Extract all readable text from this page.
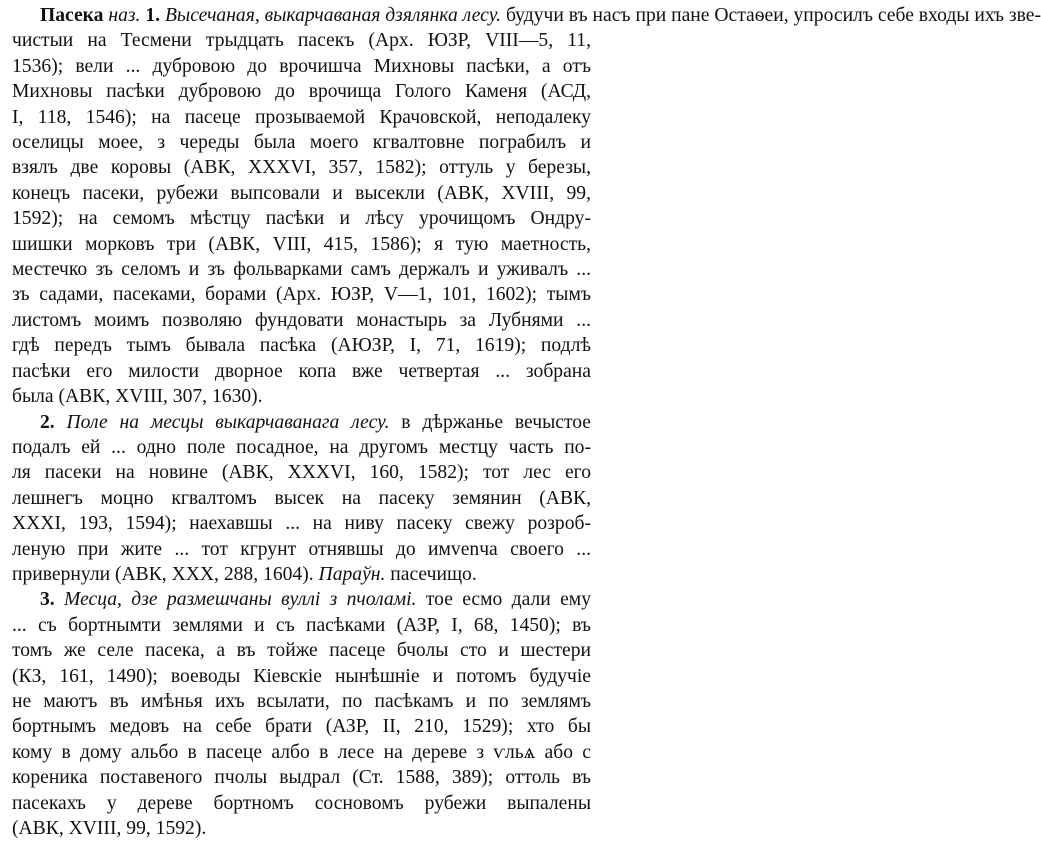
Пасека наз. 1. Высечаная, выкарчаваная дзялянка лесу. будучи въ насъ при пане Остаѳеи, упросилъ себе входы ихъ зве-
чистыи на Тесмени трыдцать пасекъ (Арх. ЮЗР, VIII—5, 11,
1536); вели ... дубровою до врочишча Михновы пасѣки, а отъ
Михновы пасѣки дубровою до врочища Голого Каменя (АСД,
I, 118, 1546); на пасеце прозываемой Крачовской, неподалеку
оселицы моее, з череды была моего кгвалтовне пограбилъ и
взялъ две коровы (АВК, XXXVI, 357, 1582); оттуль у березы,
конецъ пасеки, рубежи выпсовали и высекли (АВК, XVIII, 99,
1592); на семомъ мѣстцу пасѣки и лѣсу урочищомъ Ондру-
шишки морковъ три (АВК, VIII, 415, 1586); я тую маетность,
местечко зъ селомъ и зъ фольварками самъ держалъ и уживалъ ...
зъ садами, пасеками, борами (Арх. ЮЗР, V—1, 101, 1602); тымъ
листомъ моимъ позволяю фундовати монастырь за Лубнями ...
гдѣ передъ тымъ бывала пасѣка (АЮЗР, I, 71, 1619); подлѣ
пасѣки его милости дворное копа вже четвертая ... зобрана
была (АВК, XVIII, 307, 1630).
2. Поле на месцы выкарчаванага лесу. в дѣржанье вечыстое
подалъ ей ... одно поле посадное, на другомъ местцу часть по-
ля пасеки на новине (АВК, XXXVI, 160, 1582); тот лес его
лешнегъ моцно кгвалтомъ высек на пасеку земянин (АВК,
XXXI, 193, 1594); наехавшы ... на ниву пасеку свежу розроб-
леную при жите ... тот кгрунт отнявшы до имvenча своего ...
привернули (АВК, XXX, 288, 1604). Параўн. пасечищо.
3. Месца, дзе размешчаны вуллі з пчоламі. тое есмо дали ему
... съ бортнымти землями и съ пасѣками (АЗР, I, 68, 1450); въ
томъ же селе пасека, а въ тойже пасеце бчолы сто и шестери
(КЗ, 161, 1490); воеводы Кіевскіе нынѣшніе и потомъ будучіе
не маютъ въ имѣнья ихъ всылати, по пасѣкамъ и по землямъ
бортнымъ медовъ на себе брати (АЗР, II, 210, 1529); хто бы
кому в дому альбо в пасеце албо в лесе на дереве з ѵльѧ або с
кореника поставеного пчолы выдрал (Ст. 1588, 389); оттоль въ
пасекахъ у дереве бортномъ сосновомъ рубежи выпалены
(АВК, XVIII, 99, 1592).
